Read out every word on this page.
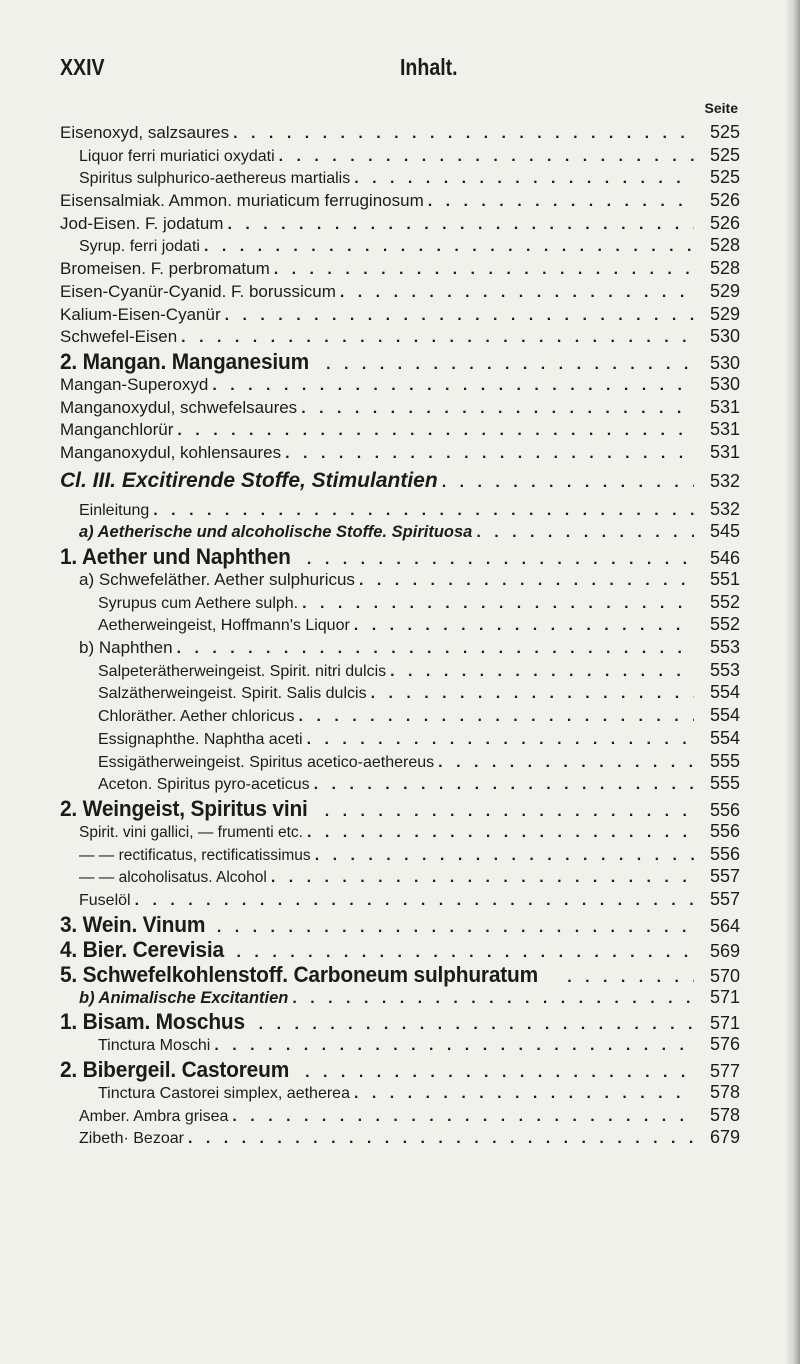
XXIV	Inhalt.
Seite
Eisenoxyd, salzsaures . . .	525
Liquor ferri muriatici oxydati . . .	525
Spiritus sulphurico-aethereus martialis . . .	525
Eisensalmiak. Ammon. muriaticum ferruginosum . . .	526
Jod-Eisen. F. jodatum . . .	526
Syrup. ferri jodati . . .	528
Bromeisen. F. perbromatum . . .	528
Eisen-Cyanür-Cyanid. F. borussicum . . .	529
Kalium-Eisen-Cyanür . . .	529
Schwefel-Eisen . . .	530
2. Mangan. Manganesium . . .	530
Mangan-Superoxyd . . .	530
Manganoxydul, schwefelsaures . . .	531
Manganchlorür . . .	531
Manganoxydul, kohlensaures . . .	531
Cl. III. Excitirende Stoffe, Stimulantien . . .	532
Einleitung . . .	532
a) Aetherische und alcoholische Stoffe. Spirituosa . . .	545
1. Aether und Naphthen . . .	546
a) Schwefeläther. Aether sulphuricus . . .	551
Syrupus cum Aethere sulph. . . .	552
Aetherweingeist, Hoffmann's Liquor . . .	552
b) Naphthen . . .	553
Salpeterätherweingeist. Spirit. nitri dulcis . . .	553
Salzätherweingeist. Spirit. Salis dulcis . . .	554
Chloräther. Aether chloricus . . .	554
Essignaphthe. Naphtha aceti . . .	554
Essigätherweingeist. Spiritus acetico-aethereus . . .	555
Aceton. Spiritus pyro-aceticus . . .	555
2. Weingeist, Spiritus vini . . .	556
Spirit. vini gallici, — frumenti etc. . . .	556
— — rectificatus, rectificatissimus . . .	556
— — alcoholisatus. Alcohol . . .	557
Fuselöl . . .	557
3. Wein. Vinum . . .	564
4. Bier. Cerevisia . . .	569
5. Schwefelkohlenstoff. Carboneum sulphuratum . . .	570
b) Animalische Excitantien . . .	571
1. Bisam. Moschus . . .	571
Tinctura Moschi . . .	576
2. Bibergeil. Castoreum . . .	577
Tinctura Castorei simplex, aetherea . . .	578
Amber. Ambra grisea . . .	578
Zibeth· Bezoar . . .	679
